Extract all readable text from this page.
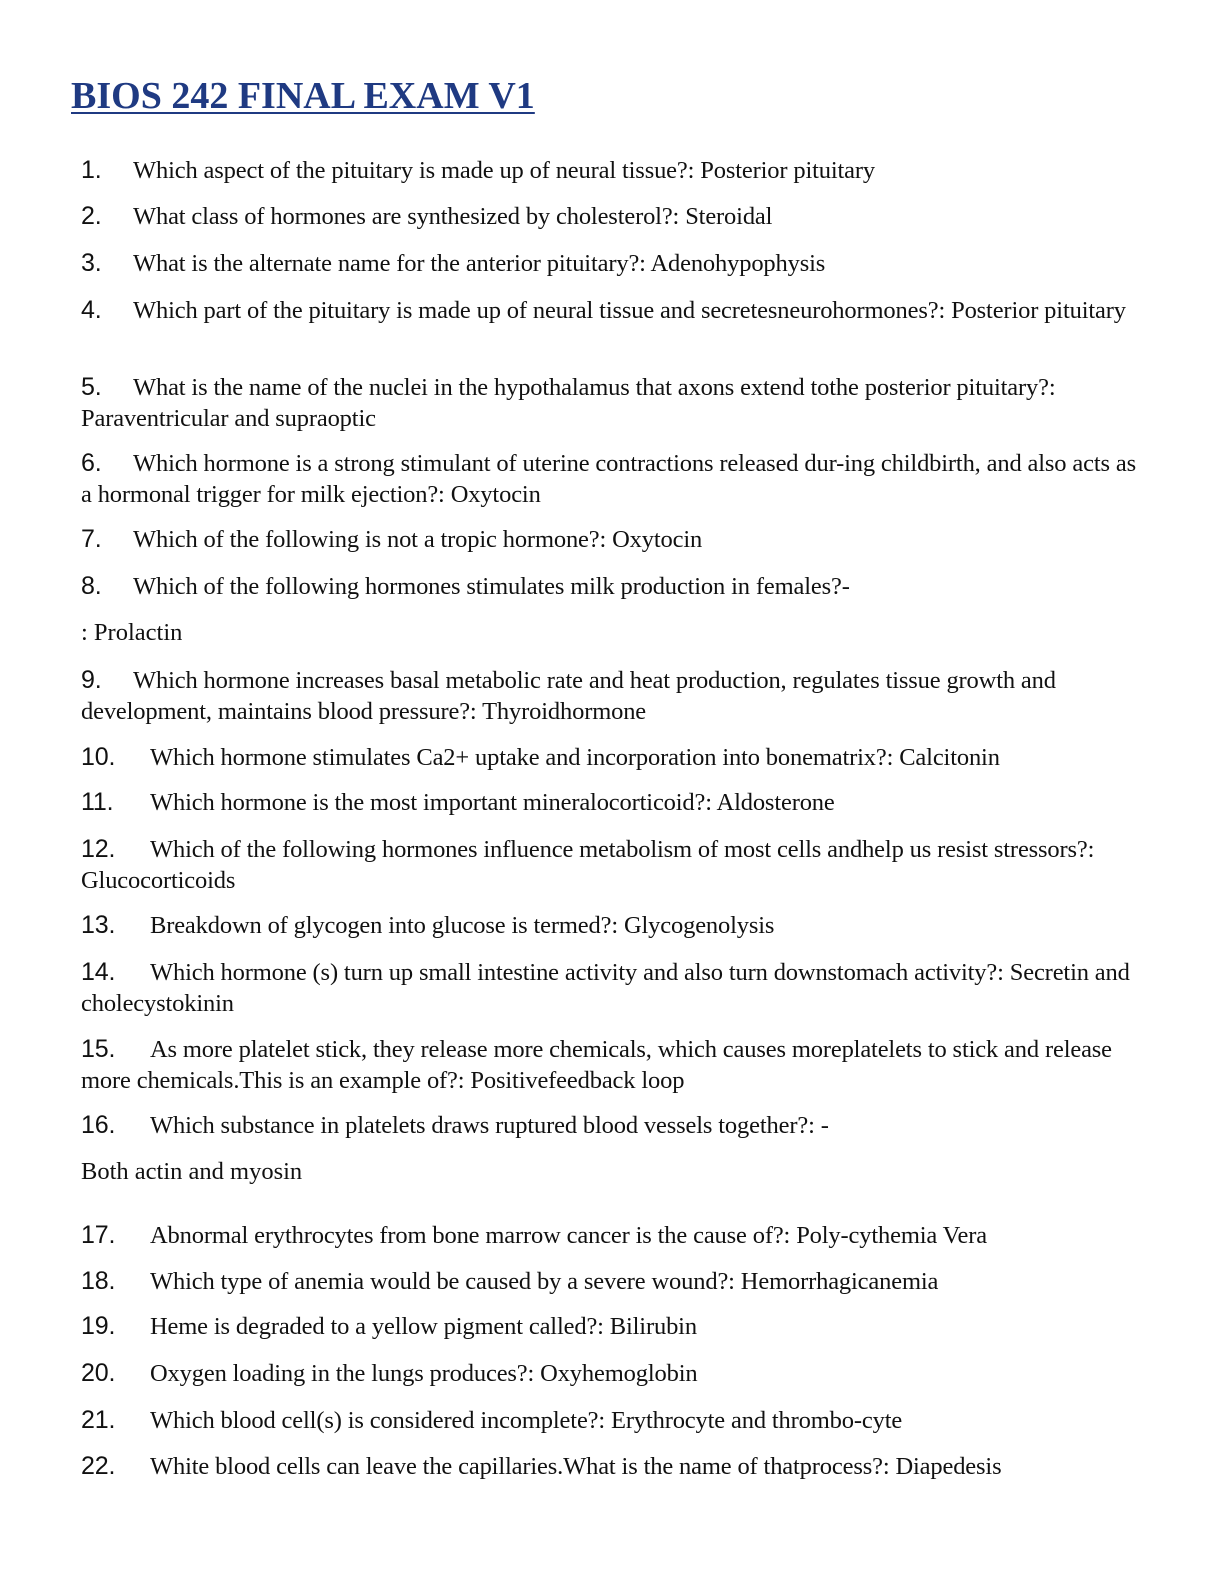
BIOS 242 FINAL EXAM V1
1. Which aspect of the pituitary is made up of neural tissue?: Posterior pituitary
2. What class of hormones are synthesized by cholesterol?: Steroidal
3. What is the alternate name for the anterior pituitary?: Adenohypophysis
4. Which part of the pituitary is made up of neural tissue and secretesneurohormones?: Posterior pituitary
5. What is the name of the nuclei in the hypothalamus that axons extend tothe posterior pituitary?: Paraventricular and supraoptic
6. Which hormone is a strong stimulant of uterine contractions released dur-ing childbirth, and also acts as a hormonal trigger for milk ejection?: Oxytocin
7. Which of the following is not a tropic hormone?: Oxytocin
8. Which of the following hormones stimulates milk production in females?-
: Prolactin
9. Which hormone increases basal metabolic rate and heat production, regulates tissue growth and development, maintains blood pressure?: Thyroidhormone
10. Which hormone stimulates Ca2+ uptake and incorporation into bonematrix?: Calcitonin
11. Which hormone is the most important mineralocorticoid?: Aldosterone
12. Which of the following hormones influence metabolism of most cells andhelp us resist stressors?: Glucocorticoids
13. Breakdown of glycogen into glucose is termed?: Glycogenolysis
14. Which hormone (s) turn up small intestine activity and also turn downstomach activity?: Secretin and cholecystokinin
15. As more platelet stick, they release more chemicals, which causes moreplatelets to stick and release more chemicals.This is an example of?: Positivefeedback loop
16. Which substance in platelets draws ruptured blood vessels together?: -
Both actin and myosin
17. Abnormal erythrocytes from bone marrow cancer is the cause of?: Poly-cythemia Vera
18. Which type of anemia would be caused by a severe wound?: Hemorrhagicanemia
19. Heme is degraded to a yellow pigment called?: Bilirubin
20. Oxygen loading in the lungs produces?: Oxyhemoglobin
21. Which blood cell(s) is considered incomplete?: Erythrocyte and thrombo-cyte
22. White blood cells can leave the capillaries.What is the name of thatprocess?: Diapedesis
